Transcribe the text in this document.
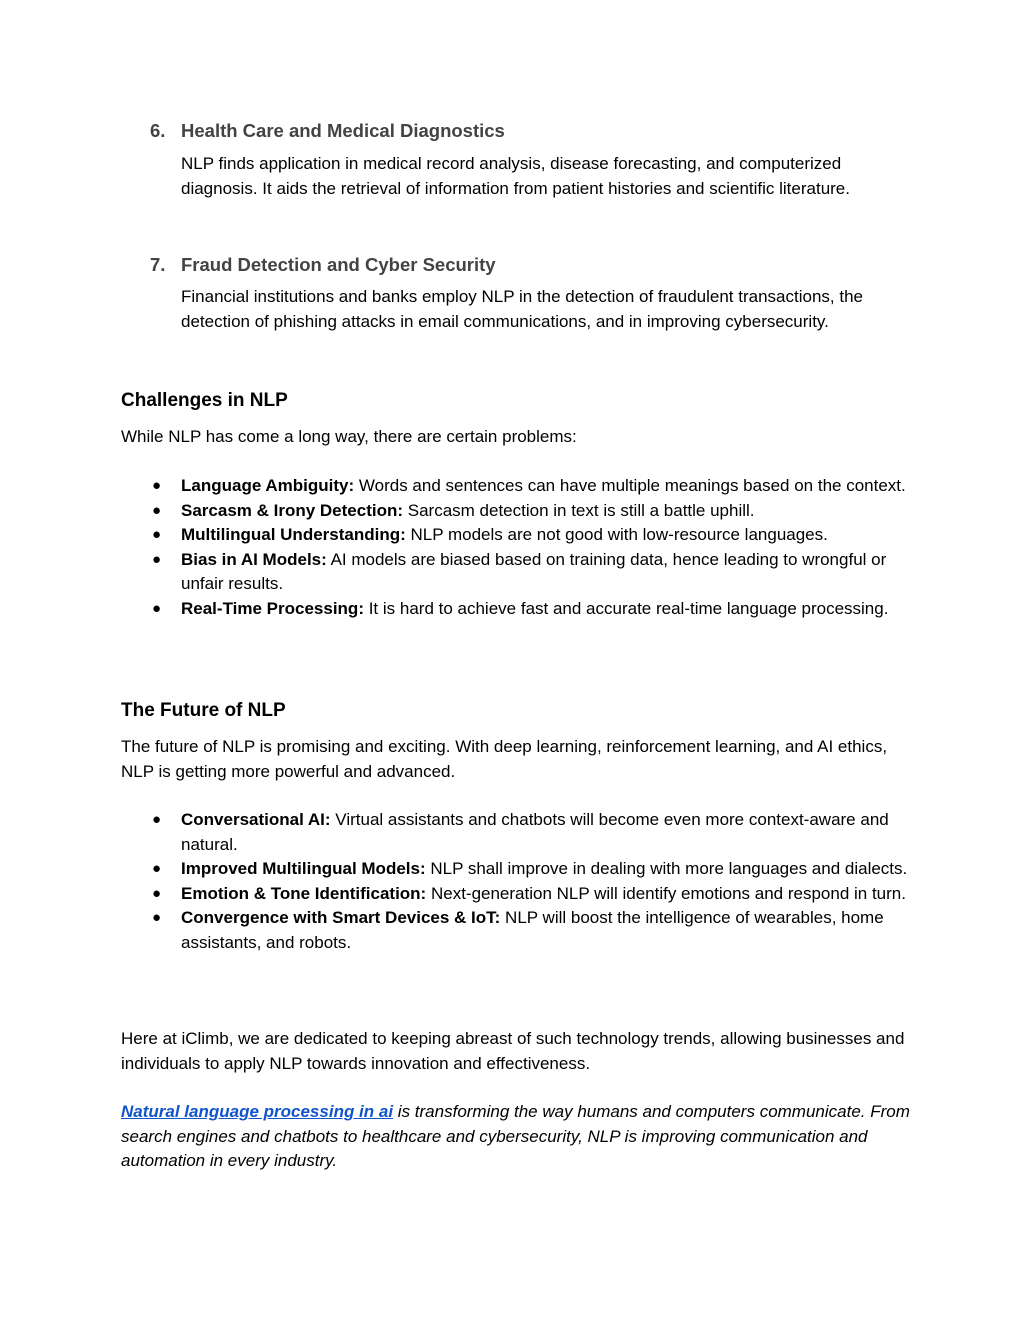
6. Health Care and Medical Diagnostics
NLP finds application in medical record analysis, disease forecasting, and computerized diagnosis. It aids the retrieval of information from patient histories and scientific literature.
7. Fraud Detection and Cyber Security
Financial institutions and banks employ NLP in the detection of fraudulent transactions, the detection of phishing attacks in email communications, and in improving cybersecurity.
Challenges in NLP
While NLP has come a long way, there are certain problems:
● Language Ambiguity: Words and sentences can have multiple meanings based on the context.
● Sarcasm & Irony Detection: Sarcasm detection in text is still a battle uphill.
● Multilingual Understanding: NLP models are not good with low-resource languages.
● Bias in AI Models: AI models are biased based on training data, hence leading to wrongful or unfair results.
● Real-Time Processing: It is hard to achieve fast and accurate real-time language processing.
The Future of NLP
The future of NLP is promising and exciting. With deep learning, reinforcement learning, and AI ethics, NLP is getting more powerful and advanced.
● Conversational AI: Virtual assistants and chatbots will become even more context-aware and natural.
● Improved Multilingual Models: NLP shall improve in dealing with more languages and dialects.
● Emotion & Tone Identification: Next-generation NLP will identify emotions and respond in turn.
● Convergence with Smart Devices & IoT: NLP will boost the intelligence of wearables, home assistants, and robots.
Here at iClimb, we are dedicated to keeping abreast of such technology trends, allowing businesses and individuals to apply NLP towards innovation and effectiveness.
Natural language processing in ai is transforming the way humans and computers communicate. From search engines and chatbots to healthcare and cybersecurity, NLP is improving communication and automation in every industry.
